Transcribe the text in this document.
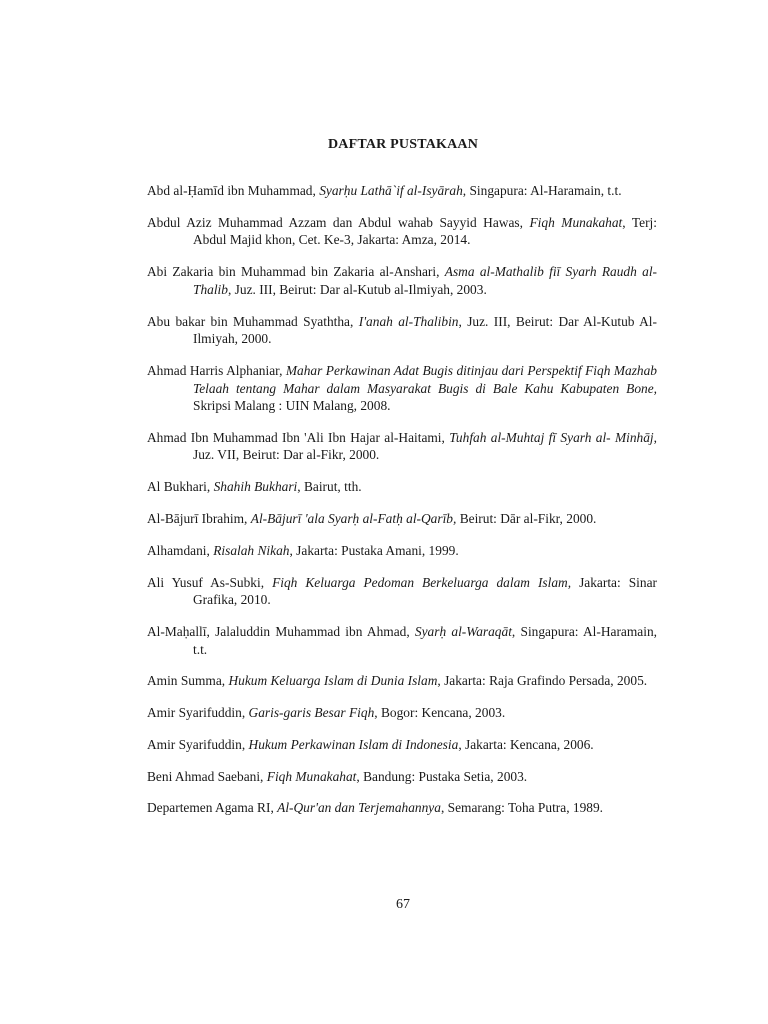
DAFTAR PUSTAKAAN
Abd al-Ḥamīd ibn Muhammad, Syarḥu Lathā`if al-Isyārah, Singapura: Al-Haramain, t.t.
Abdul Aziz Muhammad Azzam dan Abdul wahab Sayyid Hawas, Fiqh Munakahat, Terj: Abdul Majid khon, Cet. Ke-3, Jakarta: Amza, 2014.
Abi Zakaria bin Muhammad bin Zakaria al-Anshari, Asma al-Mathalib fiī Syarh Raudh al-Thalib, Juz. III, Beirut: Dar al-Kutub al-Ilmiyah, 2003.
Abu bakar bin Muhammad Syaththa, I'anah al-Thalibin, Juz. III, Beirut: Dar Al-Kutub Al-Ilmiyah, 2000.
Ahmad Harris Alphaniar, Mahar Perkawinan Adat Bugis ditinjau dari Perspektif Fiqh Mazhab Telaah tentang Mahar dalam Masyarakat Bugis di Bale Kahu Kabupaten Bone, Skripsi Malang : UIN Malang, 2008.
Ahmad Ibn Muhammad Ibn 'Ali Ibn Hajar al-Haitami, Tuhfah al-Muhtaj fī Syarh al- Minhāj, Juz. VII, Beirut: Dar al-Fikr, 2000.
Al Bukhari, Shahih Bukhari, Bairut, tth.
Al-Bājurī Ibrahim, Al-Bājurī 'ala Syarḥ al-Fatḥ al-Qarīb, Beirut: Dār al-Fikr, 2000.
Alhamdani, Risalah Nikah, Jakarta: Pustaka Amani, 1999.
Ali Yusuf As-Subki, Fiqh Keluarga Pedoman Berkeluarga dalam Islam, Jakarta: Sinar Grafika, 2010.
Al-Maḥallī, Jalaluddin Muhammad ibn Ahmad, Syarḥ al-Waraqāt, Singapura: Al-Haramain, t.t.
Amin Summa, Hukum Keluarga Islam di Dunia Islam, Jakarta: Raja Grafindo Persada, 2005.
Amir Syarifuddin, Garis-garis Besar Fiqh, Bogor: Kencana, 2003.
Amir Syarifuddin, Hukum Perkawinan Islam di Indonesia, Jakarta: Kencana, 2006.
Beni Ahmad Saebani, Fiqh Munakahat, Bandung: Pustaka Setia, 2003.
Departemen Agama RI, Al-Qur'an dan Terjemahannya, Semarang: Toha Putra, 1989.
67
